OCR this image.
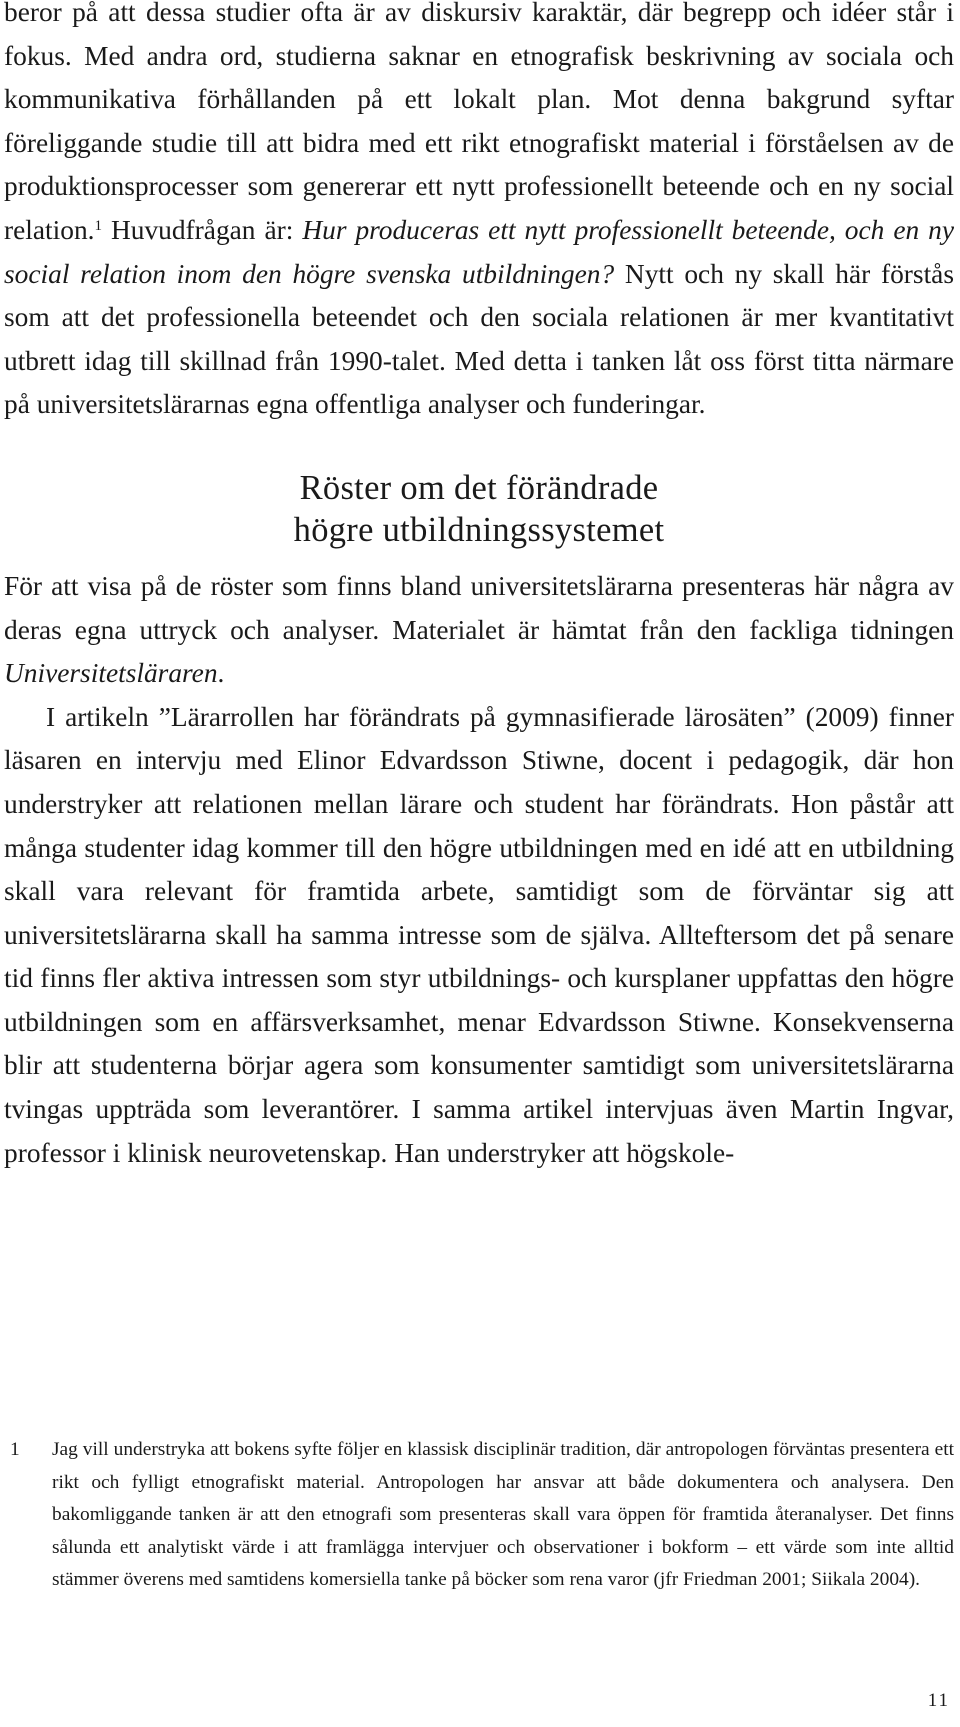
beror på att dessa studier ofta är av diskursiv karaktär, där begrepp och idéer står i fokus. Med andra ord, studierna saknar en etnografisk beskrivning av sociala och kommunikativa förhållanden på ett lokalt plan. Mot denna bakgrund syftar föreliggande studie till att bidra med ett rikt etnografiskt material i förståelsen av de produktionsprocesser som genererar ett nytt professionellt beteende och en ny social relation.$^1$ Huvudfrågan är: Hur produceras ett nytt professionellt beteende, och en ny social relation inom den högre svenska utbildningen? Nytt och ny skall här förstås som att det professionella beteendet och den sociala relationen är mer kvantitativt utbrett idag till skillnad från 1990-talet. Med detta i tanken låt oss först titta närmare på universitetslärarnas egna offentliga analyser och funderingar.

Röster om det förändrade
högre utbildningssystemet

För att visa på de röster som finns bland universitetslärarna presenteras här några av deras egna uttryck och analyser. Materialet är hämtat från den fackliga tidningen Universitetsläraren.

I artikeln ”Lärarrollen har förändrats på gymnasifierade lärosäten” (2009) finner läsaren en intervju med Elinor Edvardsson Stiwne, docent i pedagogik, där hon understryker att relationen mellan lärare och student har förändrats. Hon påstår att många studenter idag kommer till den högre utbildningen med en idé att en utbildning skall vara relevant för framtida arbete, samtidigt som de förväntar sig att universitetslärarna skall ha samma intresse som de själva. Allteftersom det på senare tid finns fler aktiva intressen som styr utbildnings- och kursplaner uppfattas den högre utbildningen som en affärsverksamhet, menar Edvardsson Stiwne. Konsekvenserna blir att studenterna börjar agera som konsumenter samtidigt som universitetslärarna tvingas uppträda som leverantörer. I samma artikel intervjuas även Martin Ingvar, professor i klinisk neurovetenskap. Han understryker att högskole-

1 Jag vill understryka att bokens syfte följer en klassisk disciplinär tradition, där antropologen förväntas presentera ett rikt och fylligt etnografiskt material. Antropologen har ansvar att både dokumentera och analysera. Den bakomliggande tanken är att den etnografi som presenteras skall vara öppen för framtida återanalyser. Det finns sålunda ett analytiskt värde i att framlägga intervjuer och observationer i bokform – ett värde som inte alltid stämmer överens med samtidens komersiella tanke på böcker som rena varor (jfr Friedman 2001; Siikala 2004).

11
